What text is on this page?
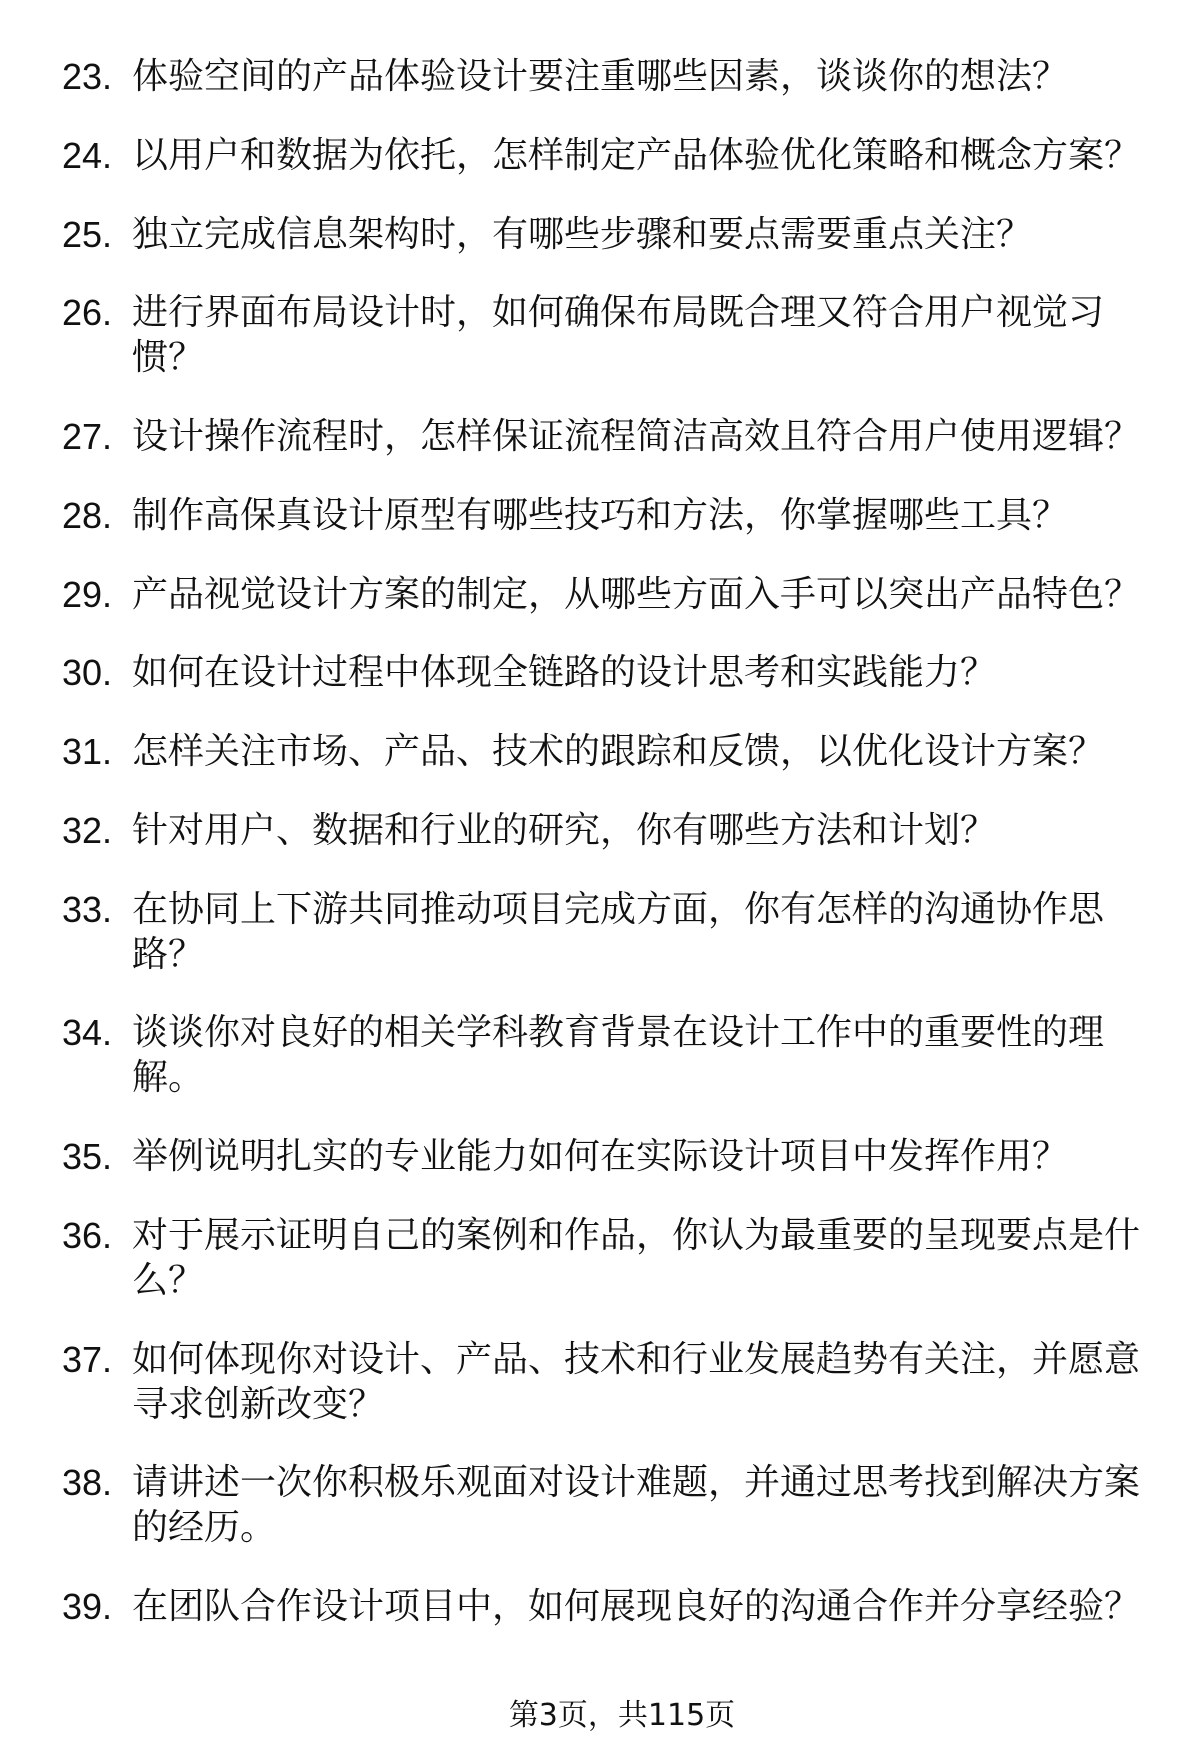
23. 体验空间的产品体验设计要注重哪些因素，谈谈你的想法？
24. 以用户和数据为依托，怎样制定产品体验优化策略和概念方案？
25. 独立完成信息架构时，有哪些步骤和要点需要重点关注？
26. 进行界面布局设计时，如何确保布局既合理又符合用户视觉习惯？
27. 设计操作流程时，怎样保证流程简洁高效且符合用户使用逻辑？
28. 制作高保真设计原型有哪些技巧和方法，你掌握哪些工具？
29. 产品视觉设计方案的制定，从哪些方面入手可以突出产品特色？
30. 如何在设计过程中体现全链路的设计思考和实践能力？
31. 怎样关注市场、产品、技术的跟踪和反馈，以优化设计方案？
32. 针对用户、数据和行业的研究，你有哪些方法和计划？
33. 在协同上下游共同推动项目完成方面，你有怎样的沟通协作思路？
34. 谈谈你对良好的相关学科教育背景在设计工作中的重要性的理解。
35. 举例说明扎实的专业能力如何在实际设计项目中发挥作用？
36. 对于展示证明自己的案例和作品，你认为最重要的呈现要点是什么？
37. 如何体现你对设计、产品、技术和行业发展趋势有关注，并愿意寻求创新改变？
38. 请讲述一次你积极乐观面对设计难题，并通过思考找到解决方案的经历。
39. 在团队合作设计项目中，如何展现良好的沟通合作并分享经验？
第3页，共115页
